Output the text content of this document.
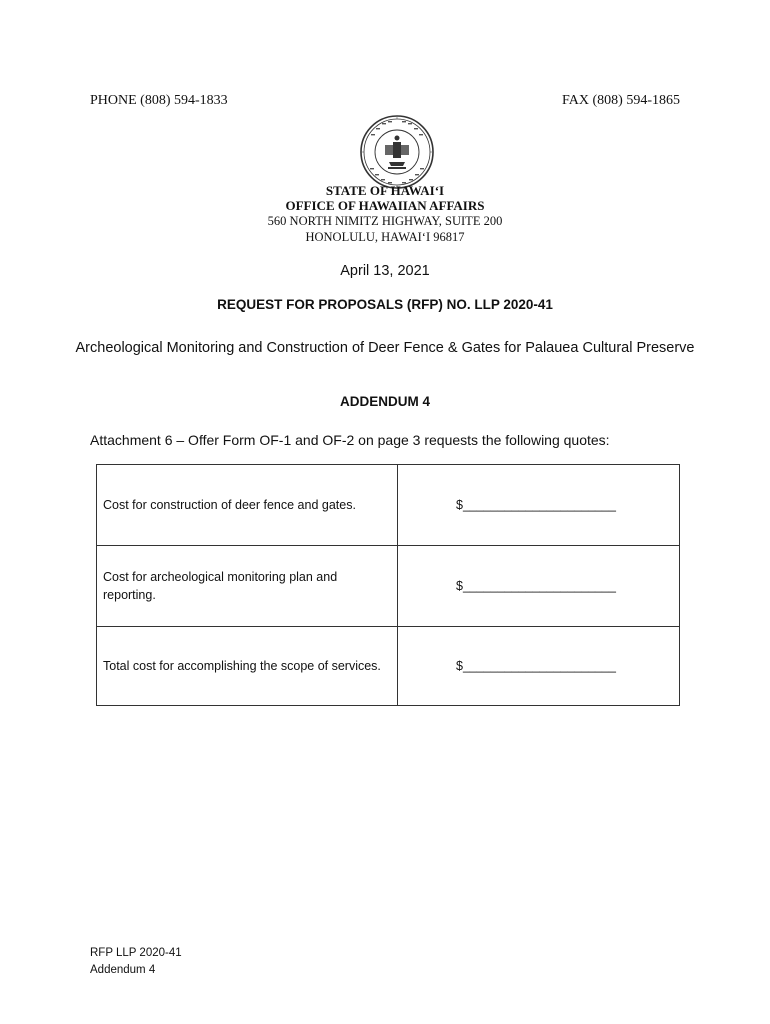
PHONE (808) 594-1833	FAX (808) 594-1865
STATE OF HAWAI‘I
OFFICE OF HAWAIIAN AFFAIRS
560 NORTH NIMITZ HIGHWAY, SUITE 200
HONOLULU, HAWAI‘I 96817
April 13, 2021
REQUEST FOR PROPOSALS (RFP) NO. LLP 2020-41
Archeological Monitoring and Construction of Deer Fence & Gates for Palauea Cultural Preserve
ADDENDUM 4
Attachment 6 – Offer Form OF-1 and OF-2 on page 3 requests the following quotes:
Cost for construction of deer fence and gates.	$______________________
Cost for archeological monitoring plan and reporting.	$______________________
Total cost for accomplishing the scope of services.	$______________________
RFP LLP 2020-41
Addendum 4
